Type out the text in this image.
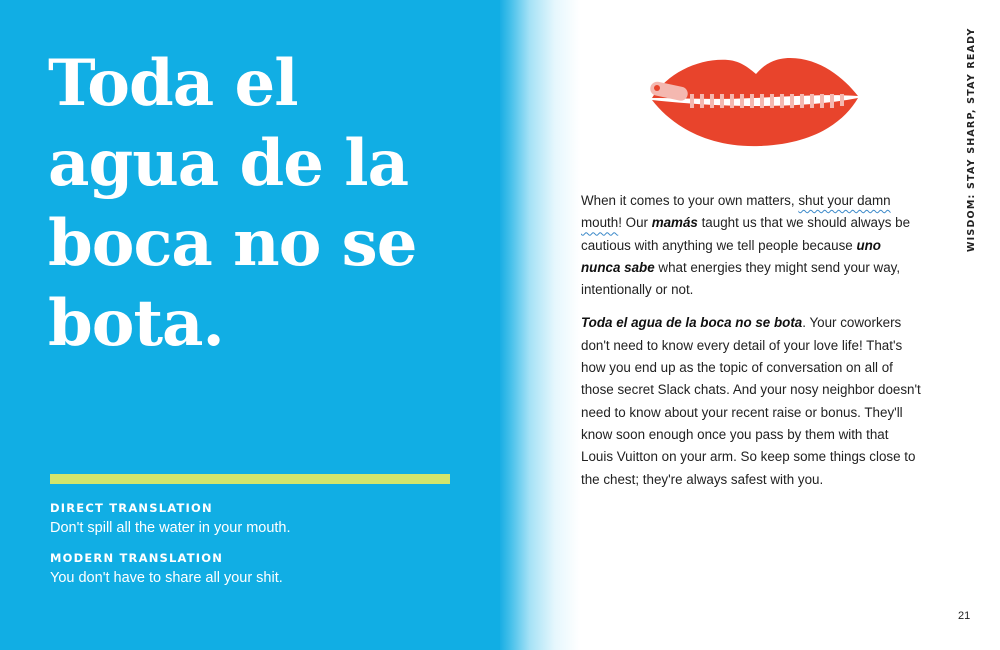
Toda el
agua de la
boca no se
bota.
DIRECT TRANSLATION
Don't spill all the water in your mouth.
MODERN TRANSLATION
You don't have to share all your shit.

When it comes to your own matters, shut your damn mouth! Our mamás taught us that we should always be cautious with anything we tell people because uno nunca sabe what energies they might send your way, intentionally or not.

Toda el agua de la boca no se bota. Your coworkers don't need to know every detail of your love life! That's how you end up as the topic of conversation on all of those secret Slack chats. And your nosy neighbor doesn't need to know about your recent raise or bonus. They'll know soon enough once you pass by them with that Louis Vuitton on your arm. So keep some things close to the chest; they're always safest with you.

WISDOM: STAY SHARP, STAY READY
21
